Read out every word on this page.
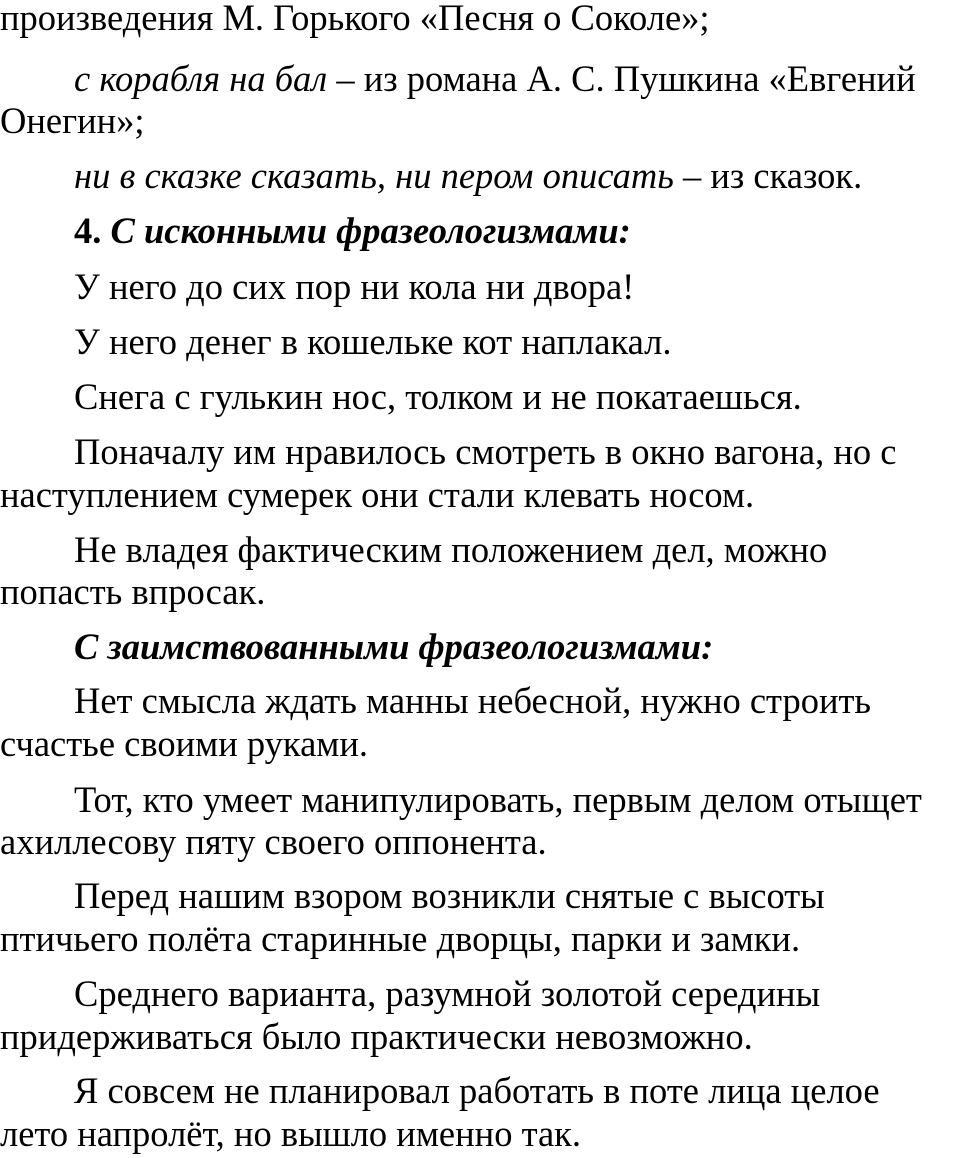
произведения М. Горького «Песня о Соколе»;
с корабля на бал – из романа А. С. Пушкина «Евгений
Онегин»;
ни в сказке сказать, ни пером описать – из сказок.
4. С исконными фразеологизмами:
У него до сих пор ни кола ни двора!
У него денег в кошельке кот наплакал.
Снега с гулькин нос, толком и не покатаешься.
Поначалу им нравилось смотреть в окно вагона, но с
наступлением сумерек они стали клевать носом.
Не владея фактическим положением дел, можно
попасть впросак.
С заимствованными фразеологизмами:
Нет смысла ждать манны небесной, нужно строить
счастье своими руками.
Тот, кто умеет манипулировать, первым делом отыщет
ахиллесову пяту своего оппонента.
Перед нашим взором возникли снятые с высоты
птичьего полёта старинные дворцы, парки и замки.
Среднего варианта, разумной золотой середины
придерживаться было практически невозможно.
Я совсем не планировал работать в поте лица целое
лето напролёт, но вышло именно так.
